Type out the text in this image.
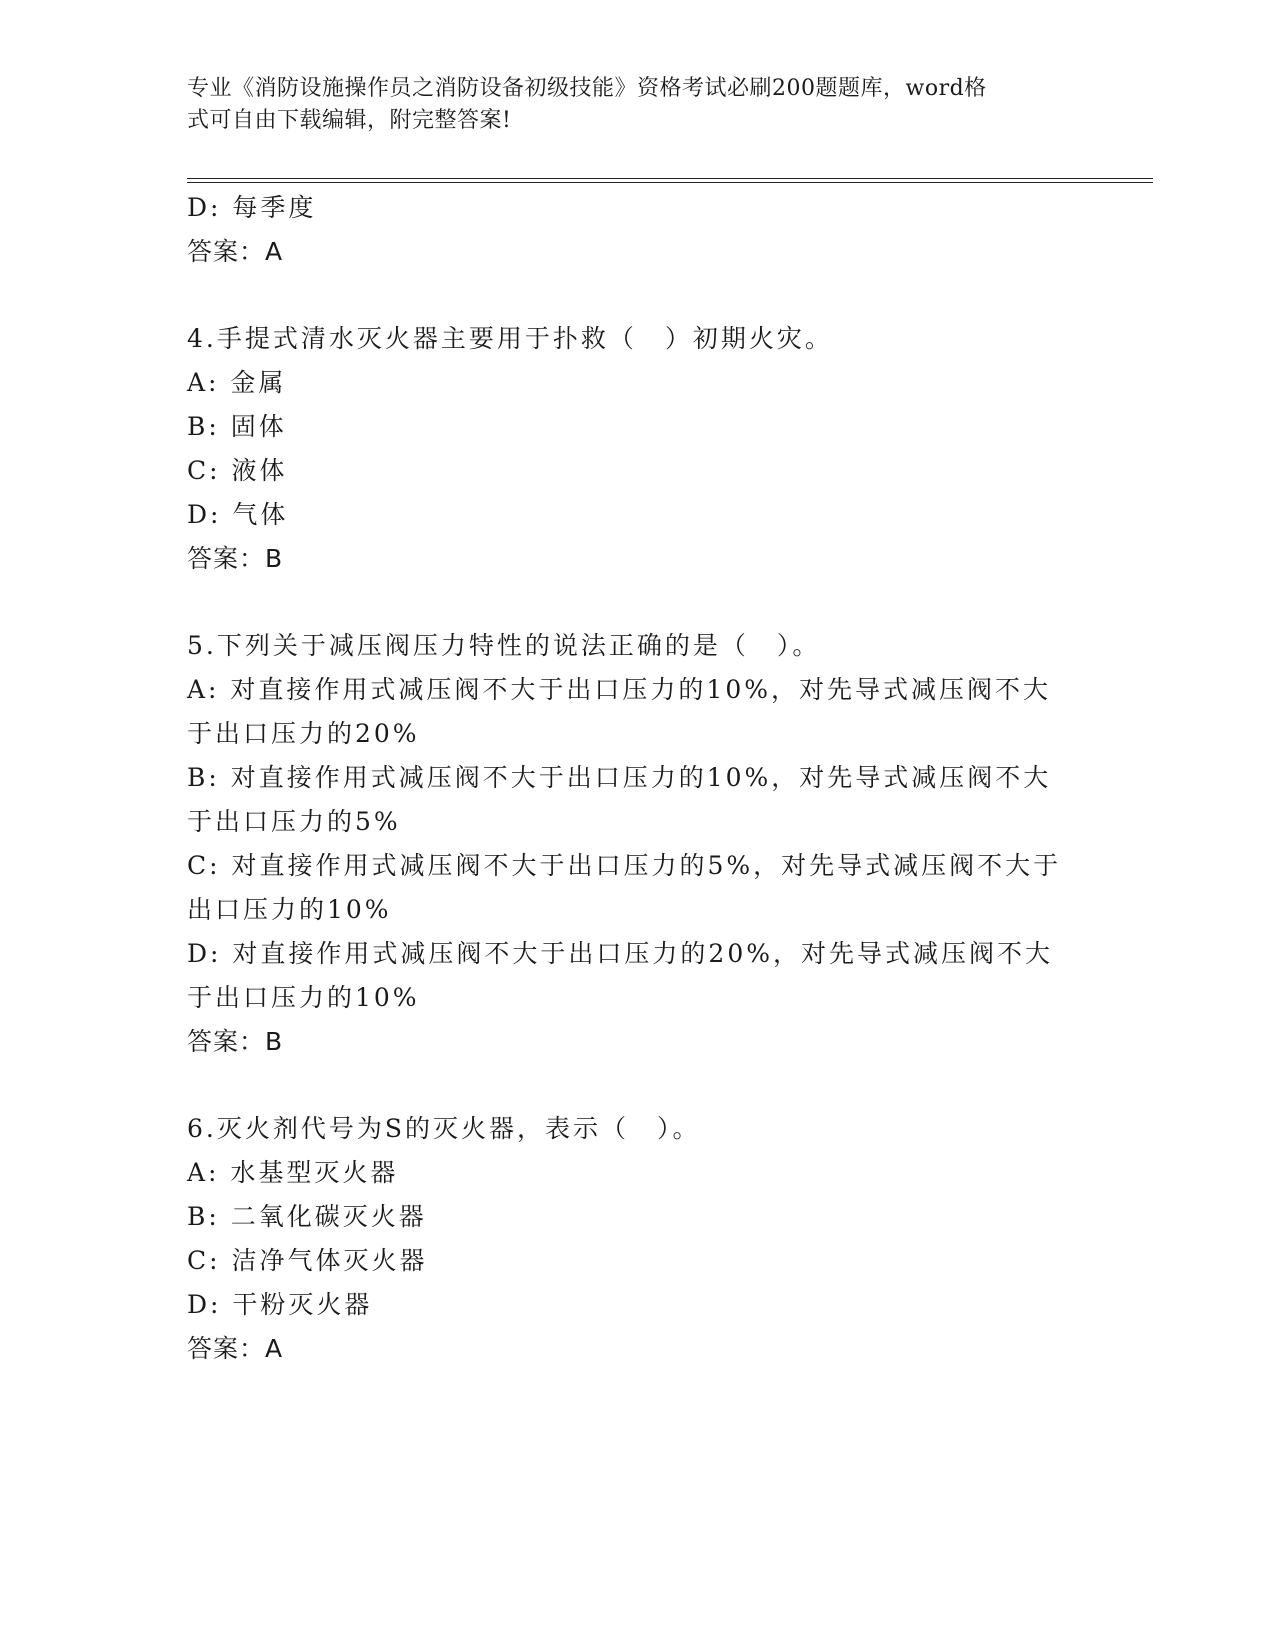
专业《消防设施操作员之消防设备初级技能》资格考试必刷200题题库，word格
式可自由下载编辑，附完整答案!
D: 每季度
答案：A
4.手提式清水灭火器主要用于扑救（　）初期火灾。
A: 金属
B: 固体
C: 液体
D: 气体
答案：B
5.下列关于减压阀压力特性的说法正确的是（　）。
A: 对直接作用式减压阀不大于出口压力的10%，对先导式减压阀不大
于出口压力的20%
B: 对直接作用式减压阀不大于出口压力的10%，对先导式减压阀不大
于出口压力的5%
C: 对直接作用式减压阀不大于出口压力的5%，对先导式减压阀不大于
出口压力的10%
D: 对直接作用式减压阀不大于出口压力的20%，对先导式减压阀不大
于出口压力的10%
答案：B
6.灭火剂代号为S的灭火器，表示（　）。
A: 水基型灭火器
B: 二氧化碳灭火器
C: 洁净气体灭火器
D: 干粉灭火器
答案：A
